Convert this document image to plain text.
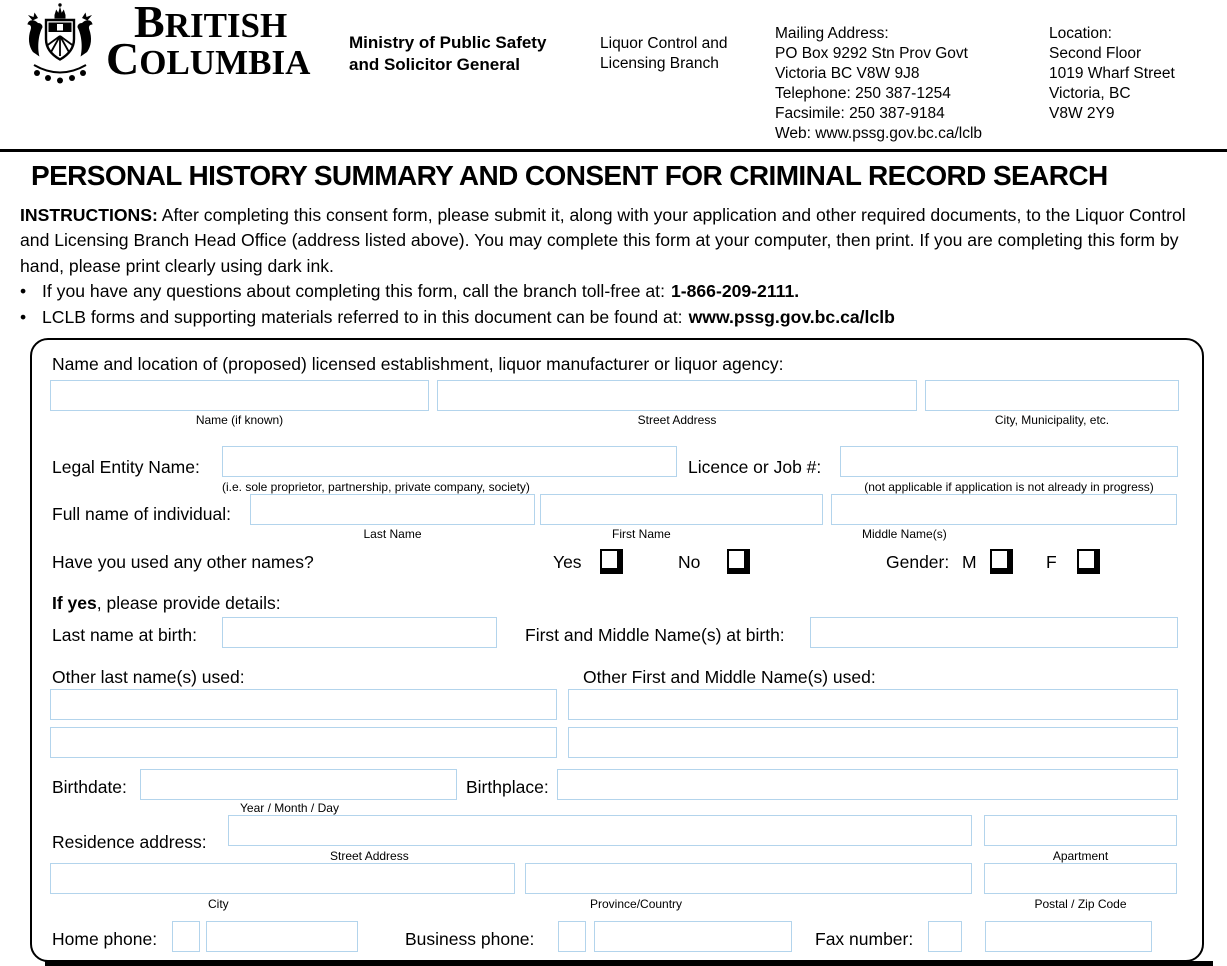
BRITISH
COLUMBIA
Ministry of Public Safety
and Solicitor General
Liquor Control and
Licensing Branch
Mailing Address:
PO Box 9292 Stn Prov Govt
Victoria BC V8W 9J8
Telephone: 250 387-1254
Facsimile: 250 387-9184
Web: www.pssg.gov.bc.ca/lclb
Location:
Second Floor
1019 Wharf Street
Victoria, BC
V8W 2Y9
PERSONAL HISTORY SUMMARY AND CONSENT FOR CRIMINAL RECORD SEARCH
INSTRUCTIONS: After completing this consent form, please submit it, along with your application and other required documents, to the Liquor Control and Licensing Branch Head Office (address listed above). You may complete this form at your computer, then print. If you are completing this form by hand, please print clearly using dark ink.
• If you have any questions about completing this form, call the branch toll-free at: 1-866-209-2111.
• LCLB forms and supporting materials referred to in this document can be found at: www.pssg.gov.bc.ca/lclb
Name and location of (proposed) licensed establishment, liquor manufacturer or liquor agency:
Name (if known)	Street Address	City, Municipality, etc.
Legal Entity Name:
(i.e. sole proprietor, partnership, private company, society)
Licence or Job #:
(not applicable if application is not already in progress)
Full name of individual:
Last Name	First Name	Middle Name(s)
Have you used any other names?	Yes	No	Gender: M	F
If yes, please provide details:
Last name at birth:	First and Middle Name(s) at birth:
Other last name(s) used:	Other First and Middle Name(s) used:
Birthdate:
Year / Month / Day
Birthplace:
Residence address:
Street Address	Apartment
City	Province/Country	Postal / Zip Code
Home phone:	Business phone:	Fax number:
